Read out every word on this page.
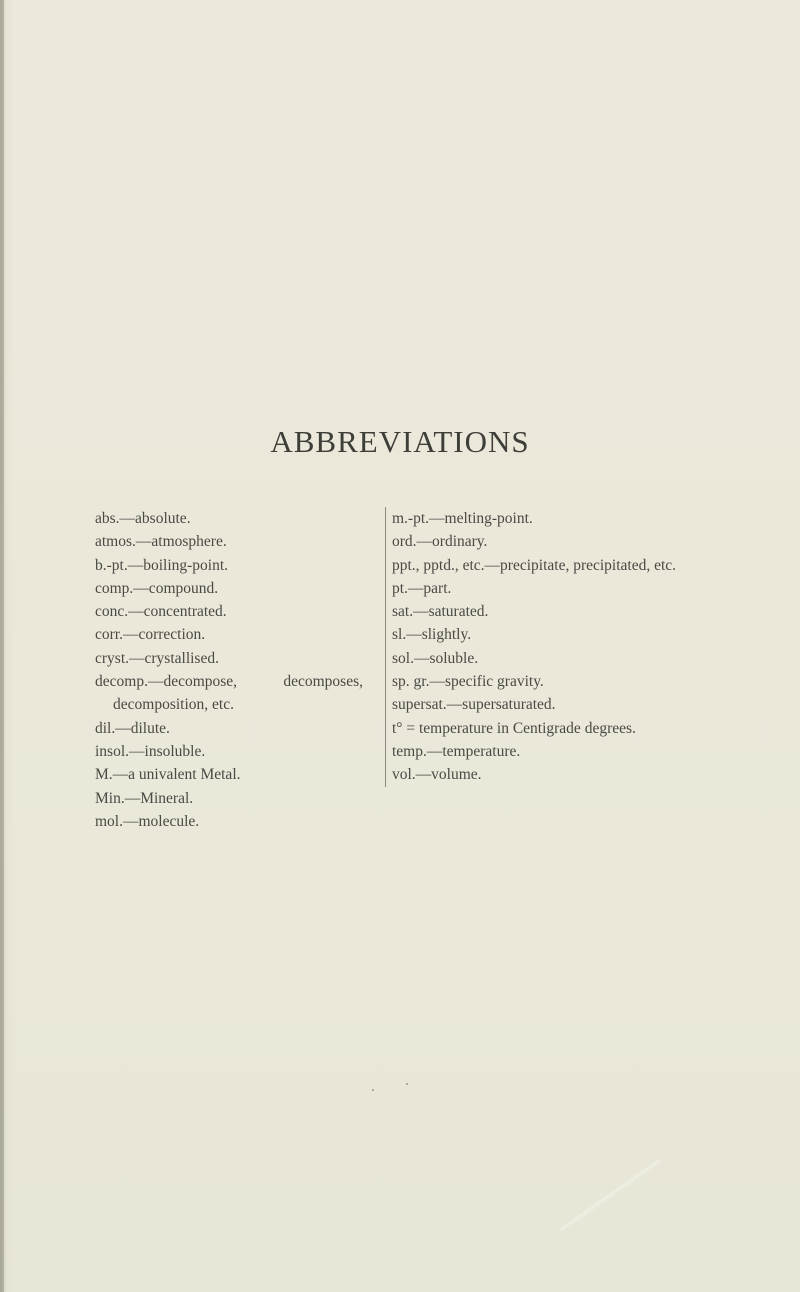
ABBREVIATIONS
abs.—absolute.
atmos.—atmosphere.
b.-pt.—boiling-point.
comp.—compound.
conc.—concentrated.
corr.—correction.
cryst.—crystallised.
decomp.—decompose, decomposes, decomposition, etc.
dil.—dilute.
insol.—insoluble.
M.—a univalent Metal.
Min.—Mineral.
mol.—molecule.
m.-pt.—melting-point.
ord.—ordinary.
ppt., pptd., etc.—precipitate, precipitated, etc.
pt.—part.
sat.—saturated.
sl.—slightly.
sol.—soluble.
sp. gr.—specific gravity.
supersat.—supersaturated.
t° = temperature in Centigrade degrees.
temp.—temperature.
vol.—volume.
